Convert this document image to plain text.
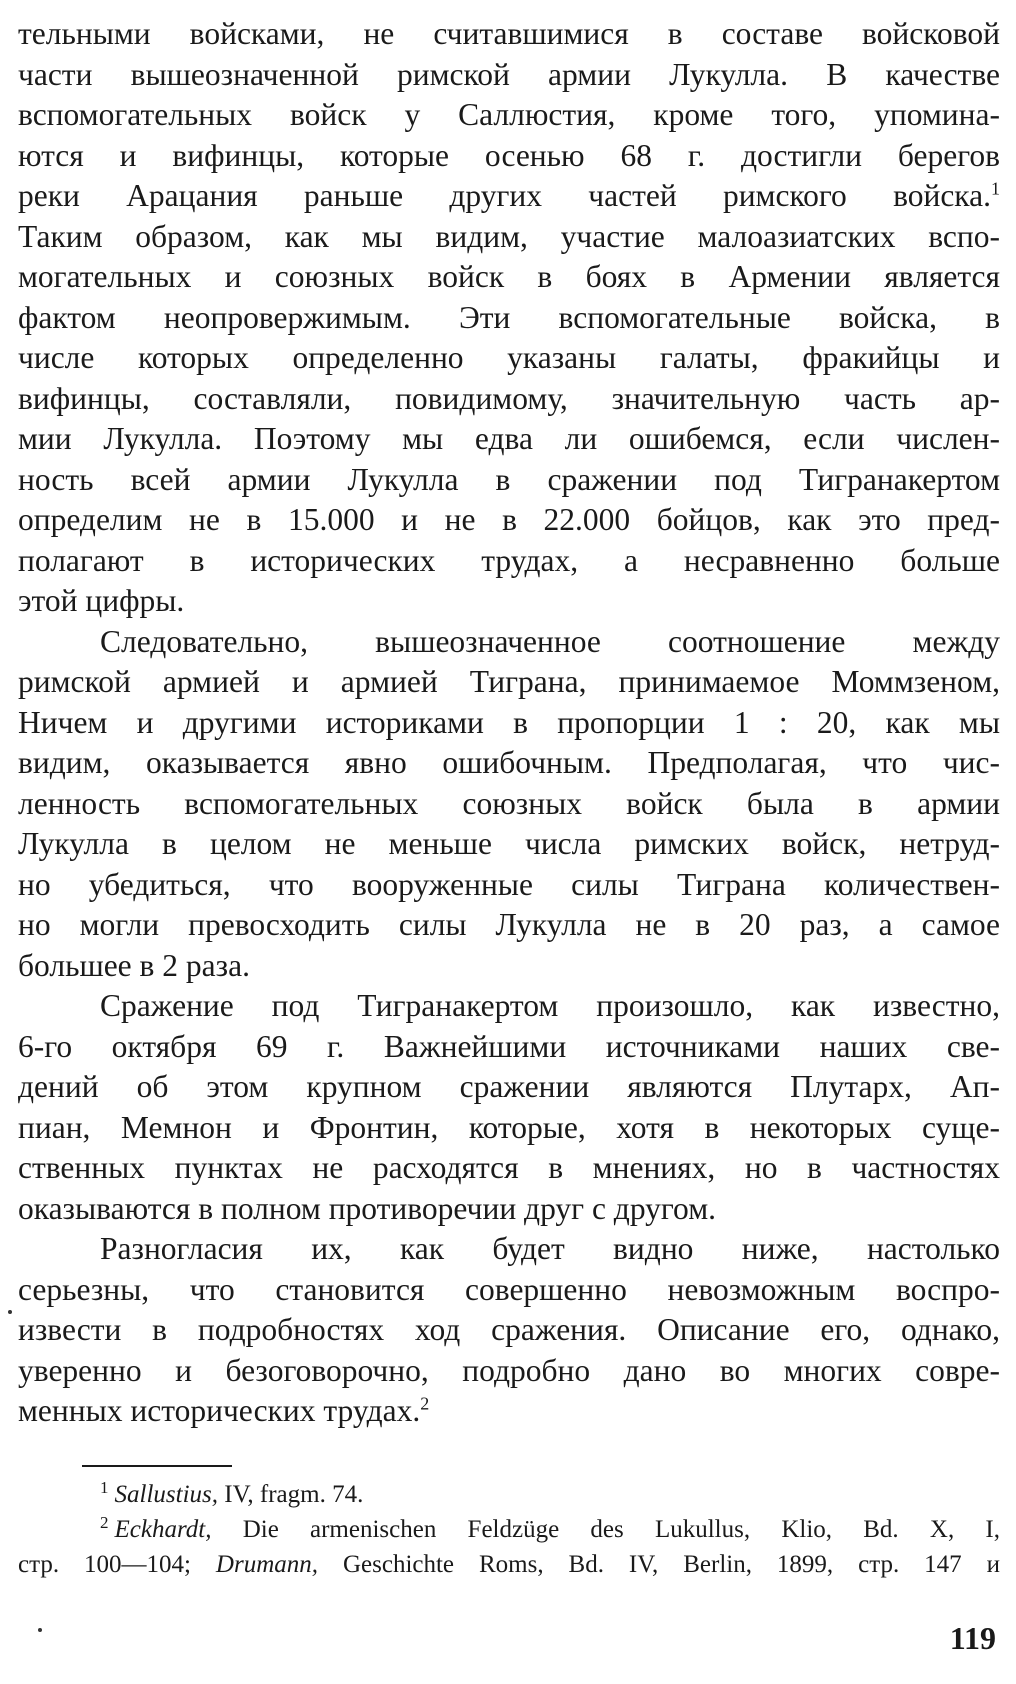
тельными войсками, не считавшимися в составе войсковой
части вышеозначенной римской армии Лукулла. В качестве
вспомогательных войск у Саллюстия, кроме того, упомина-
ются и вифинцы, которые осенью 68 г. достигли берегов
реки Арацания раньше других частей римского войска.$^1$
Таким образом, как мы видим, участие малоазиатских вспо-
могательных и союзных войск в боях в Армении является
фактом неопровержимым. Эти вспомогательные войска, в
числе которых определенно указаны галаты, фракийцы и
вифинцы, составляли, повидимому, значительную часть ар-
мии Лукулла. Поэтому мы едва ли ошибемся, если числен-
ность всей армии Лукулла в сражении под Тигранакертом
определим не в 15.000 и не в 22.000 бойцов, как это пред-
полагают в исторических трудах, а несравненно больше
этой цифры.
Следовательно, вышеозначенное соотношение между
римской армией и армией Тиграна, принимаемое Моммзеном,
Ничем и другими историками в пропорции 1 : 20, как мы
видим, оказывается явно ошибочным. Предполагая, что чис-
ленность вспомогательных союзных войск была в армии
Лукулла в целом не меньше числа римских войск, нетруд-
но убедиться, что вооруженные силы Тиграна количествен-
но могли превосходить силы Лукулла не в 20 раз, а самое
большее в 2 раза.
Сражение под Тигранакертом произошло, как известно,
6-го октября 69 г. Важнейшими источниками наших све-
дений об этом крупном сражении являются Плутарх, Ап-
пиан, Мемнон и Фронтин, которые, хотя в некоторых суще-
ственных пунктах не расходятся в мнениях, но в частностях
оказываются в полном противоречии друг с другом.
Разногласия их, как будет видно ниже, настолько
серьезны, что становится совершенно невозможным воспро-
извести в подробностях ход сражения. Описание его, однако,
уверенно и безоговорочно, подробно дано во многих совре-
менных исторических трудах.$^2$
$^1$ Sallustius, IV, fragm. 74.
$^2$ Eckhardt, Die armenischen Feldzüge des Lukullus, Klio, Bd. X, I,
стр. 100—104; Drumann, Geschichte Roms, Bd. IV, Berlin, 1899, стр. 147 и
119
